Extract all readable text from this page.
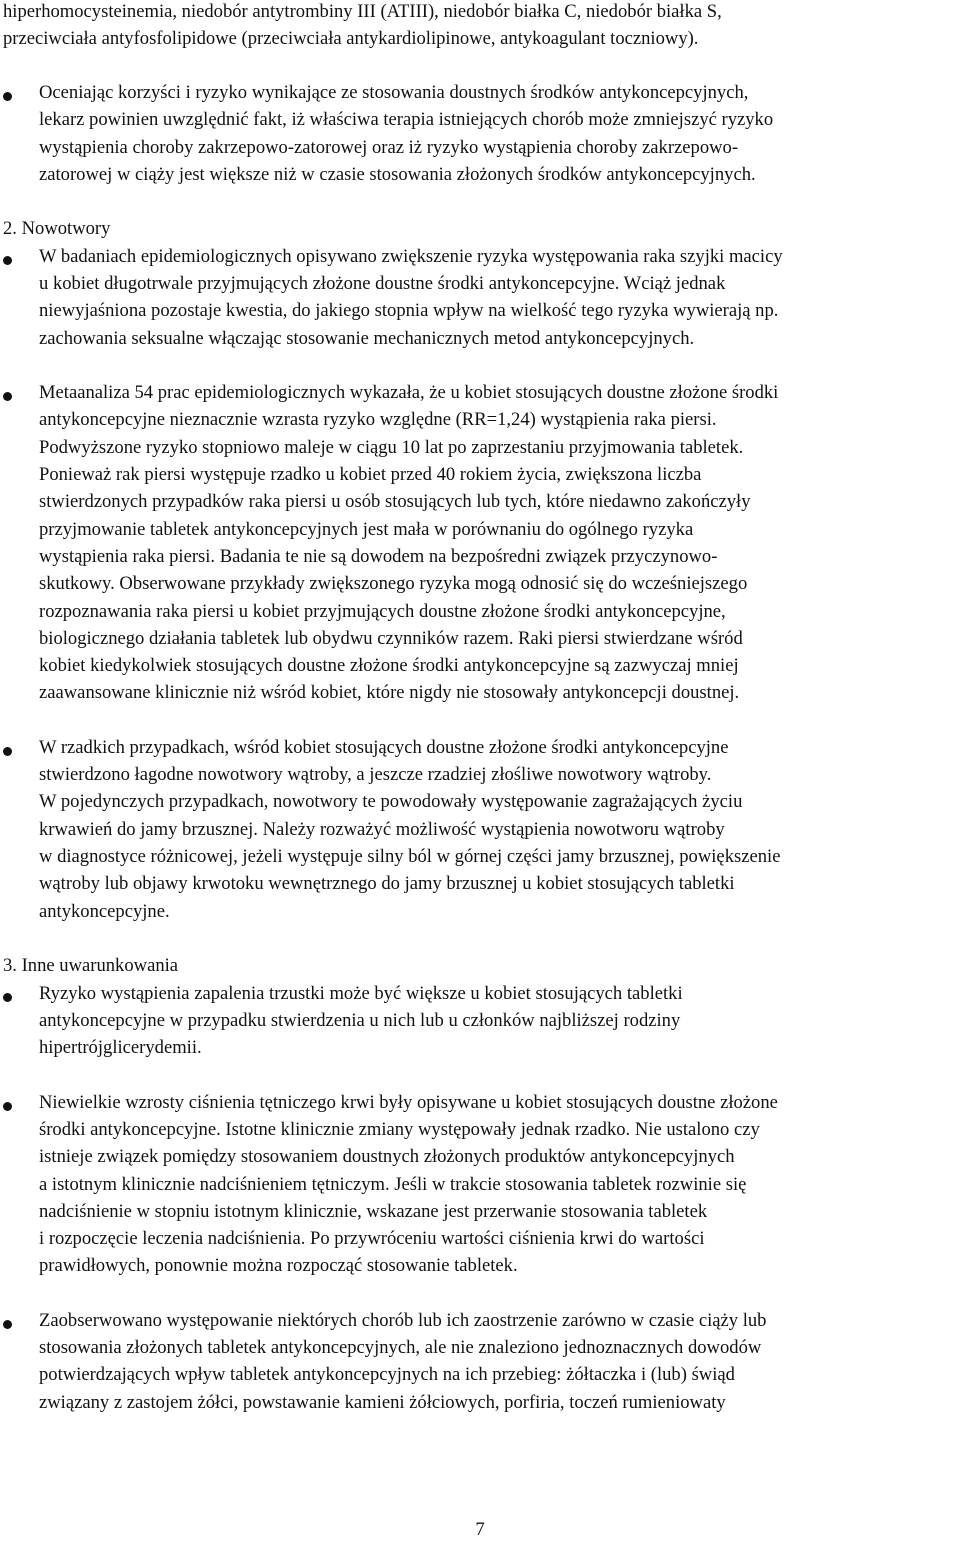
hiperhomocysteinemia, niedobór antytrombiny III (ATIII), niedobór białka C, niedobór białka S,
przeciwciała antyfosfolipidowe (przeciwciała antykardiolipinowe, antykoagulant toczniowy).
Oceniając korzyści i ryzyko wynikające ze stosowania doustnych środków antykoncepcyjnych,
lekarz powinien uwzględnić fakt, iż właściwa terapia istniejących chorób może zmniejszyć ryzyko
wystąpienia choroby zakrzepowo-zatorowej oraz iż ryzyko wystąpienia choroby zakrzepowo-
zatorowej w ciąży jest większe niż w czasie stosowania złożonych środków antykoncepcyjnych.
2. Nowotwory
W badaniach epidemiologicznych opisywano zwiększenie ryzyka występowania raka szyjki macicy
u kobiet długotrwale przyjmujących złożone doustne środki antykoncepcyjne. Wciąż jednak
niewyjaśniona pozostaje kwestia, do jakiego stopnia wpływ na wielkość tego ryzyka wywierają np.
zachowania seksualne włączając stosowanie mechanicznych metod antykoncepcyjnych.
Metaanaliza 54 prac epidemiologicznych wykazała, że u kobiet stosujących doustne złożone środki
antykoncepcyjne nieznacznie wzrasta ryzyko względne (RR=1,24) wystąpienia raka piersi.
Podwyższone ryzyko stopniowo maleje w ciągu 10 lat po zaprzestaniu przyjmowania tabletek.
Ponieważ rak piersi występuje rzadko u kobiet przed 40 rokiem życia, zwiększona liczba
stwierdzonych przypadków raka piersi u osób stosujących lub tych, które niedawno zakończyły
przyjmowanie tabletek antykoncepcyjnych jest mała w porównaniu do ogólnego ryzyka
wystąpienia raka piersi. Badania te nie są dowodem na bezpośredni związek przyczynowo-
skutkowy. Obserwowane przykłady zwiększonego ryzyka mogą odnosić się do wcześniejszego
rozpoznawania raka piersi u kobiet przyjmujących doustne złożone środki antykoncepcyjne,
biologicznego działania tabletek lub obydwu czynników razem. Raki piersi stwierdzane wśród
kobiet kiedykolwiek stosujących doustne złożone środki antykoncepcyjne są zazwyczaj mniej
zaawansowane klinicznie niż wśród kobiet, które nigdy nie stosowały antykoncepcji doustnej.
W rzadkich przypadkach, wśród kobiet stosujących doustne złożone środki antykoncepcyjne
stwierdzono łagodne nowotwory wątroby, a jeszcze rzadziej złośliwe nowotwory wątroby.
W pojedynczych przypadkach, nowotwory te powodowały występowanie zagrażających życiu
krwawień do jamy brzusznej. Należy rozważyć możliwość wystąpienia nowotworu wątroby
w diagnostyce różnicowej, jeżeli występuje silny ból w górnej części jamy brzusznej, powiększenie
wątroby lub objawy krwotoku wewnętrznego do jamy brzusznej u kobiet stosujących tabletki
antykoncepcyjne.
3. Inne uwarunkowania
Ryzyko wystąpienia zapalenia trzustki może być większe u kobiet stosujących tabletki
antykoncepcyjne w przypadku stwierdzenia u nich lub u członków najbliższej rodziny
hipertrójglicerydemii.
Niewielkie wzrosty ciśnienia tętniczego krwi były opisywane u kobiet stosujących doustne złożone
środki antykoncepcyjne. Istotne klinicznie zmiany występowały jednak rzadko. Nie ustalono czy
istnieje związek pomiędzy stosowaniem doustnych złożonych produktów antykoncepcyjnych
a istotnym klinicznie nadciśnieniem tętniczym. Jeśli w trakcie stosowania tabletek rozwinie się
nadciśnienie w stopniu istotnym klinicznie, wskazane jest przerwanie stosowania tabletek
i rozpoczęcie leczenia nadciśnienia. Po przywróceniu wartości ciśnienia krwi do wartości
prawidłowych, ponownie można rozpocząć stosowanie tabletek.
Zaobserwowano występowanie niektórych chorób lub ich zaostrzenie zarówno w czasie ciąży lub
stosowania złożonych tabletek antykoncepcyjnych, ale nie znaleziono jednoznacznych dowodów
potwierdzających wpływ tabletek antykoncepcyjnych na ich przebieg: żółtaczka i (lub) świąd
związany z zastojem żółci, powstawanie kamieni żółciowych, porfiria, toczeń rumieniowaty
7
